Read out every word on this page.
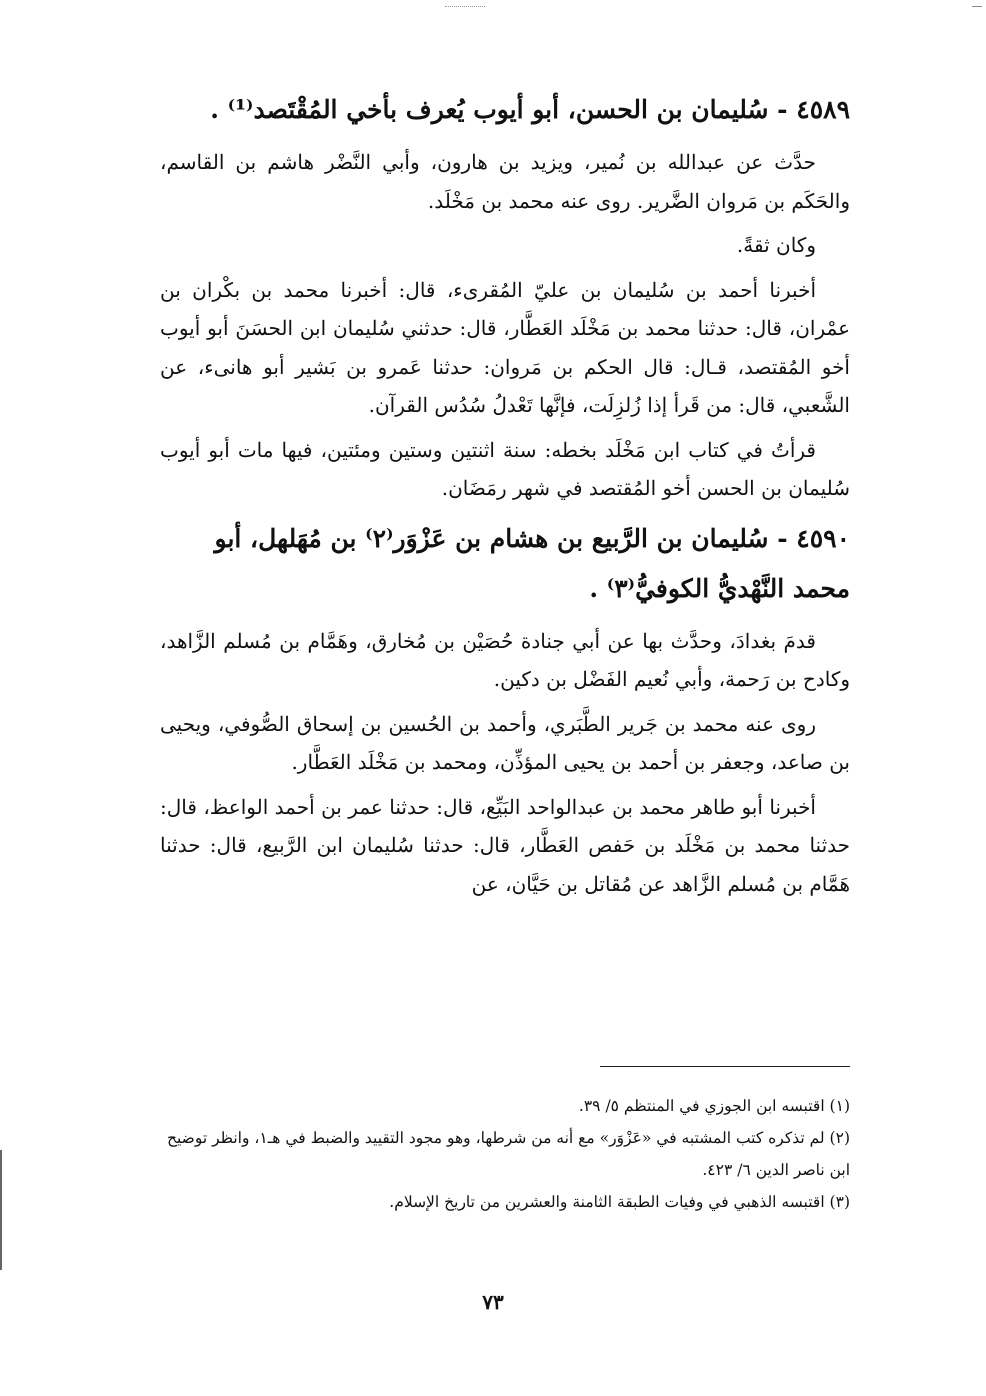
٤٥٨٩ - سُليمان بن الحسن، أبو أيوب يُعرف بأخي المُقْتَصد⁽¹⁾ .

حدَّث عن عبدالله بن نُمير، ويزيد بن هارون، وأبي النَّضْر هاشم بن القاسم، والحَكَم بن مَروان الضَّرير. روى عنه محمد بن مَخْلَد.

وكان ثقةً.

أخبرنا أحمد بن سُليمان بن عليّ المُقرىء، قال: أخبرنا محمد بن بكْران بن عمْران، قال: حدثنا محمد بن مَخْلَد العَطَّار، قال: حدثني سُليمان ابن الحسَنَ أبو أيوب أخو المُقتصد، قـال: قال الحكم بن مَروان: حدثنا عَمرو بن بَشير أبو هانىء، عن الشَّعبي، قال: من قَرأ إذا زُلزِلَت، فإنَّها تَعْدلُ سُدُس القرآن.

قرأتُ في كتاب ابن مَخْلَد بخطه: سنة اثنتين وستين ومئتين، فيها مات أبو أيوب سُليمان بن الحسن أخو المُقتصد في شهر رمَضَان.

٤٥٩٠ - سُليمان بن الرَّبيع بن هشام بن عَزْوَر⁽٢⁾ بن مُهَلهل، أبو محمد النَّهْديُّ الكوفيُّ⁽٣⁾ .

قدمَ بغدادَ، وحدَّث بها عن أبي جنادة حُصَيْن بن مُخارق، وهَمَّام بن مُسلم الزَّاهد، وكادح بن رَحمة، وأبي نُعيم الفَضْل بن دكين.

روى عنه محمد بن جَرير الطَّبَري، وأحمد بن الحُسين بن إسحاق الصُّوفي، ويحيى بن صاعد، وجعفر بن أحمد بن يحيى المؤذِّن، ومحمد بن مَخْلَد العَطَّار.

أخبرنا أبو طاهر محمد بن عبدالواحد البَيِّع، قال: حدثنا عمر بن أحمد الواعظ، قال: حدثنا محمد بن مَخْلَد بن حَفص العَطَّار، قال: حدثنا سُليمان ابن الرَّبيع، قال: حدثنا هَمَّام بن مُسلم الزَّاهد عن مُقاتل بن حَيَّان، عن

(١) اقتبسه ابن الجوزي في المنتظم ٥/ ٣٩.
(٢) لم تذكره كتب المشتبه في «عَزْوَر» مع أنه من شرطها، وهو مجود التقييد والضبط في هـ١، وانظر توضيح ابن ناصر الدين ٦/ ٤٢٣.
(٣) اقتبسه الذهبي في وفيات الطبقة الثامنة والعشرين من تاريخ الإسلام.
٧٣
